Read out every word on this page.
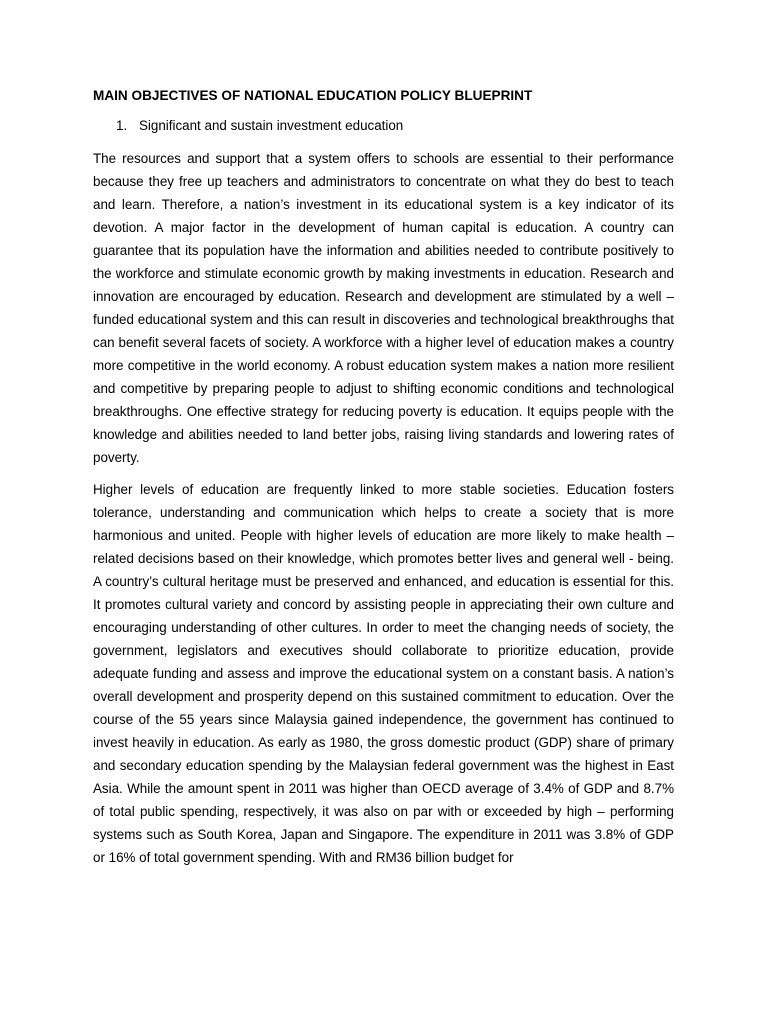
MAIN OBJECTIVES OF NATIONAL EDUCATION POLICY BLUEPRINT
1. Significant and sustain investment education

The resources and support that a system offers to schools are essential to their performance because they free up teachers and administrators to concentrate on what they do best to teach and learn. Therefore, a nation’s investment in its educational system is a key indicator of its devotion. A major factor in the development of human capital is education. A country can guarantee that its population have the information and abilities needed to contribute positively to the workforce and stimulate economic growth by making investments in education. Research and innovation are encouraged by education. Research and development are stimulated by a well – funded educational system and this can result in discoveries and technological breakthroughs that can benefit several facets of society. A workforce with a higher level of education makes a country more competitive in the world economy. A robust education system makes a nation more resilient and competitive by preparing people to adjust to shifting economic conditions and technological breakthroughs. One effective strategy for reducing poverty is education. It equips people with the knowledge and abilities needed to land better jobs, raising living standards and lowering rates of poverty.

Higher levels of education are frequently linked to more stable societies. Education fosters tolerance, understanding and communication which helps to create a society that is more harmonious and united. People with higher levels of education are more likely to make health – related decisions based on their knowledge, which promotes better lives and general well - being. A country’s cultural heritage must be preserved and enhanced, and education is essential for this. It promotes cultural variety and concord by assisting people in appreciating their own culture and encouraging understanding of other cultures. In order to meet the changing needs of society, the government, legislators and executives should collaborate to prioritize education, provide adequate funding and assess and improve the educational system on a constant basis. A nation’s overall development and prosperity depend on this sustained commitment to education. Over the course of the 55 years since Malaysia gained independence, the government has continued to invest heavily in education. As early as 1980, the gross domestic product (GDP) share of primary and secondary education spending by the Malaysian federal government was the highest in East Asia. While the amount spent in 2011 was higher than OECD average of 3.4% of GDP and 8.7% of total public spending, respectively, it was also on par with or exceeded by high – performing systems such as South Korea, Japan and Singapore. The expenditure in 2011 was 3.8% of GDP or 16% of total government spending. With and RM36 billion budget for
